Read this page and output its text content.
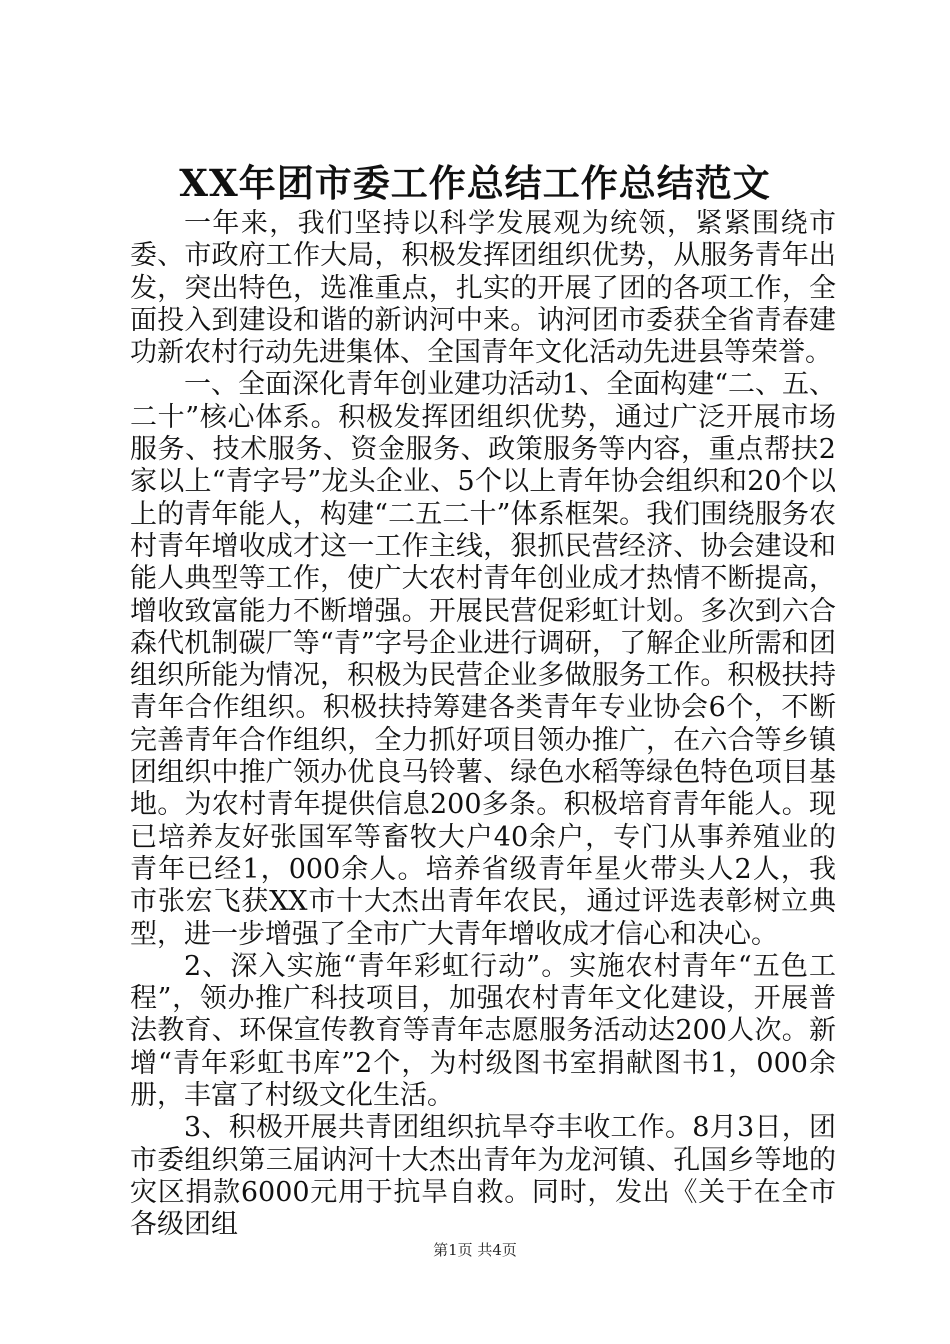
XX年团市委工作总结工作总结范文

一年来，我们坚持以科学发展观为统领，紧紧围绕市委、市政府工作大局，积极发挥团组织优势，从服务青年出发，突出特色，选准重点，扎实的开展了团的各项工作，全面投入到建设和谐的新讷河中来。讷河团市委获全省青春建功新农村行动先进集体、全国青年文化活动先进县等荣誉。

一、全面深化青年创业建功活动1、全面构建“二、五、二十”核心体系。积极发挥团组织优势，通过广泛开展市场服务、技术服务、资金服务、政策服务等内容，重点帮扶2家以上“青字号”龙头企业、5个以上青年协会组织和20个以上的青年能人，构建“二五二十”体系框架。我们围绕服务农村青年增收成才这一工作主线，狠抓民营经济、协会建设和能人典型等工作，使广大农村青年创业成才热情不断提高，增收致富能力不断增强。开展民营促彩虹计划。多次到六合森代机制碳厂等“青”字号企业进行调研，了解企业所需和团组织所能为情况，积极为民营企业多做服务工作。积极扶持青年合作组织。积极扶持筹建各类青年专业协会6个，不断完善青年合作组织，全力抓好项目领办推广，在六合等乡镇团组织中推广领办优良马铃薯、绿色水稻等绿色特色项目基地。为农村青年提供信息200多条。积极培育青年能人。现已培养友好张国军等畜牧大户40余户，专门从事养殖业的青年已经1，000余人。培养省级青年星火带头人2人，我市张宏飞获XX市十大杰出青年农民，通过评选表彰树立典型，进一步增强了全市广大青年增收成才信心和决心。

2、深入实施“青年彩虹行动”。实施农村青年“五色工程”，领办推广科技项目，加强农村青年文化建设，开展普法教育、环保宣传教育等青年志愿服务活动达200人次。新增“青年彩虹书库”2个，为村级图书室捐献图书1，000余册，丰富了村级文化生活。

3、积极开展共青团组织抗旱夺丰收工作。8月3日，团市委组织第三届讷河十大杰出青年为龙河镇、孔国乡等地的灾区捐款6000元用于抗旱自救。同时，发出《关于在全市各级团组

第1页 共4页
